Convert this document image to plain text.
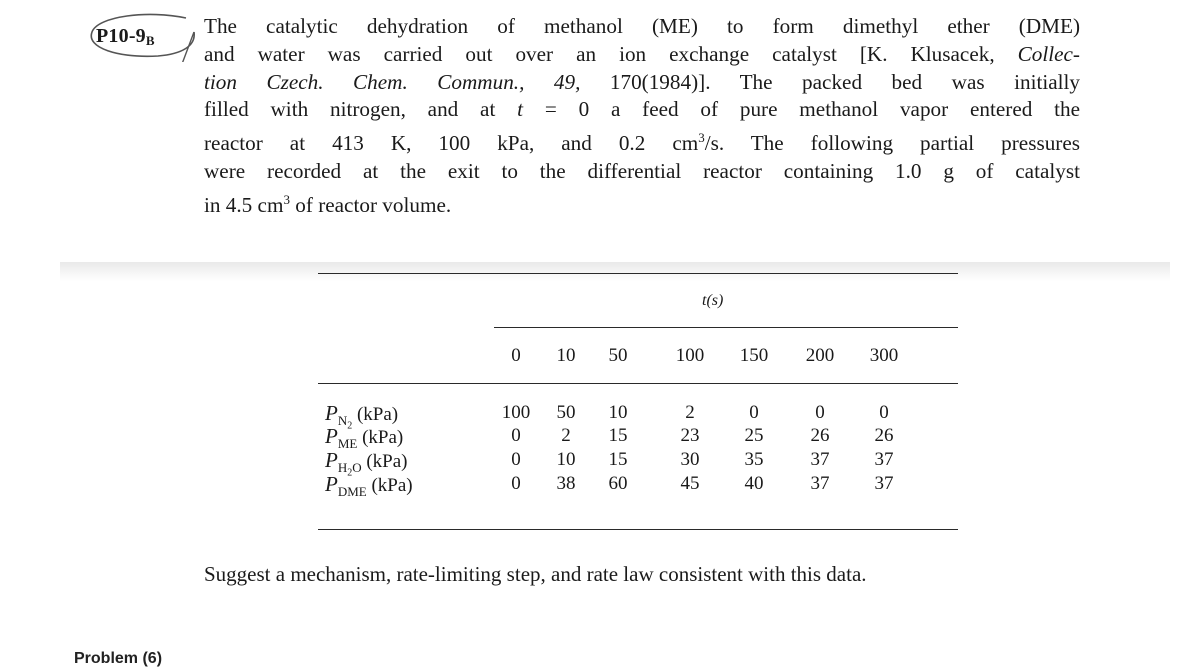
$P10-9_B$
The catalytic dehydration of methanol (ME) to form dimethyl ether (DME)
and water was carried out over an ion exchange catalyst [K. Klusacek, Collec-
tion Czech. Chem. Commun., 49, 170(1984)]. The packed bed was initially
filled with nitrogen, and at t = 0 a feed of pure methanol vapor entered the
reactor at 413 K, 100 kPa, and 0.2 $cm^3/s$. The following partial pressures
were recorded at the exit to the differential reactor containing 1.0 g of catalyst
in 4.5 $cm^3$ of reactor volume.
t(s)
0	10	50	100	150	200	300
$P_{N_2}$ (kPa)	100	50	10	2	0	0	0
$P_{ME}$ (kPa)	0	2	15	23	25	26	26
$P_{H_2O}$ (kPa)	0	10	15	30	35	37	37
$P_{DME}$ (kPa)	0	38	60	45	40	37	37
Suggest a mechanism, rate-limiting step, and rate law consistent with this data.
Problem (6)
